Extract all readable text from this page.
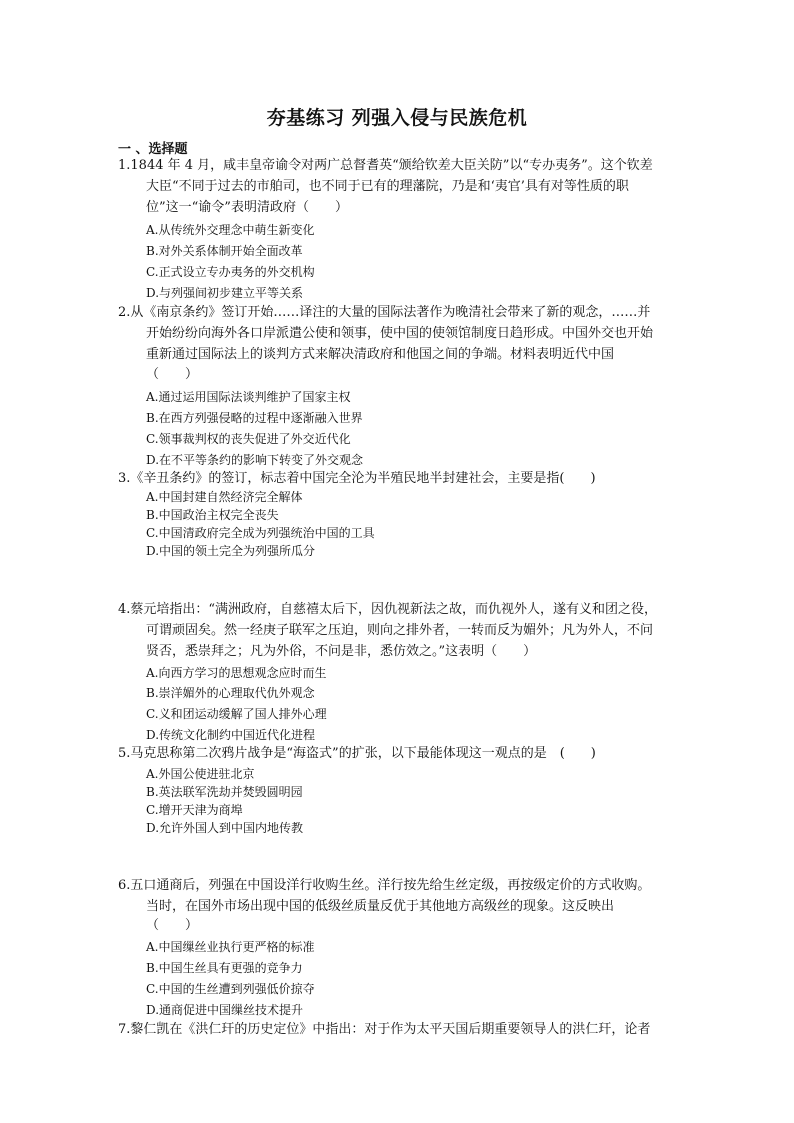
夯基练习 列强入侵与民族危机
一 、选择题
1.1844 年 4 月，咸丰皇帝谕令对两广总督耆英“颁给钦差大臣关防”以“专办夷务”。这个钦差
大臣“不同于过去的市舶司，也不同于已有的理藩院，乃是和‘夷官’具有对等性质的职
位”这一“谕令”表明清政府（　　）
A.从传统外交理念中萌生新变化
B.对外关系体制开始全面改革
C.正式设立专办夷务的外交机构
D.与列强间初步建立平等关系
2.从《南京条约》签订开始……译注的大量的国际法著作为晚清社会带来了新的观念，……并
开始纷纷向海外各口岸派遣公使和领事，使中国的使领馆制度日趋形成。中国外交也开始
重新通过国际法上的谈判方式来解决清政府和他国之间的争端。材料表明近代中国
（　　）
A.通过运用国际法谈判维护了国家主权
B.在西方列强侵略的过程中逐渐融入世界
C.领事裁判权的丧失促进了外交近代化
D.在不平等条约的影响下转变了外交观念
3.《辛丑条约》的签订，标志着中国完全沦为半殖民地半封建社会，主要是指(　　)
A.中国封建自然经济完全解体
B.中国政治主权完全丧失
C.中国清政府完全成为列强统治中国的工具
D.中国的领土完全为列强所瓜分
4.蔡元培指出：“满洲政府，自慈禧太后下，因仇视新法之故，而仇视外人，遂有义和团之役，
可谓顽固矣。然一经庚子联军之压迫，则向之排外者，一转而反为媚外；凡为外人，不问
贤否，悉崇拜之；凡为外俗，不问是非，悉仿效之。”这表明（　　）
A.向西方学习的思想观念应时而生
B.崇洋媚外的心理取代仇外观念
C.义和团运动缓解了国人排外心理
D.传统文化制约中国近代化进程
5.马克思称第二次鸦片战争是“海盗式”的扩张，以下最能体现这一观点的是　(　　)
A.外国公使进驻北京
B.英法联军洗劫并焚毁圆明园
C.增开天津为商埠
D.允许外国人到中国内地传教
6.五口通商后，列强在中国设洋行收购生丝。洋行按先给生丝定级，再按级定价的方式收购。
当时，在国外市场出现中国的低级丝质量反优于其他地方高级丝的现象。这反映出
（　　）
A.中国缫丝业执行更严格的标准
B.中国生丝具有更强的竞争力
C.中国的生丝遭到列强低价掠夺
D.通商促进中国缫丝技术提升
7.黎仁凯在《洪仁玕的历史定位》中指出：对于作为太平天国后期重要领导人的洪仁玕，论者
